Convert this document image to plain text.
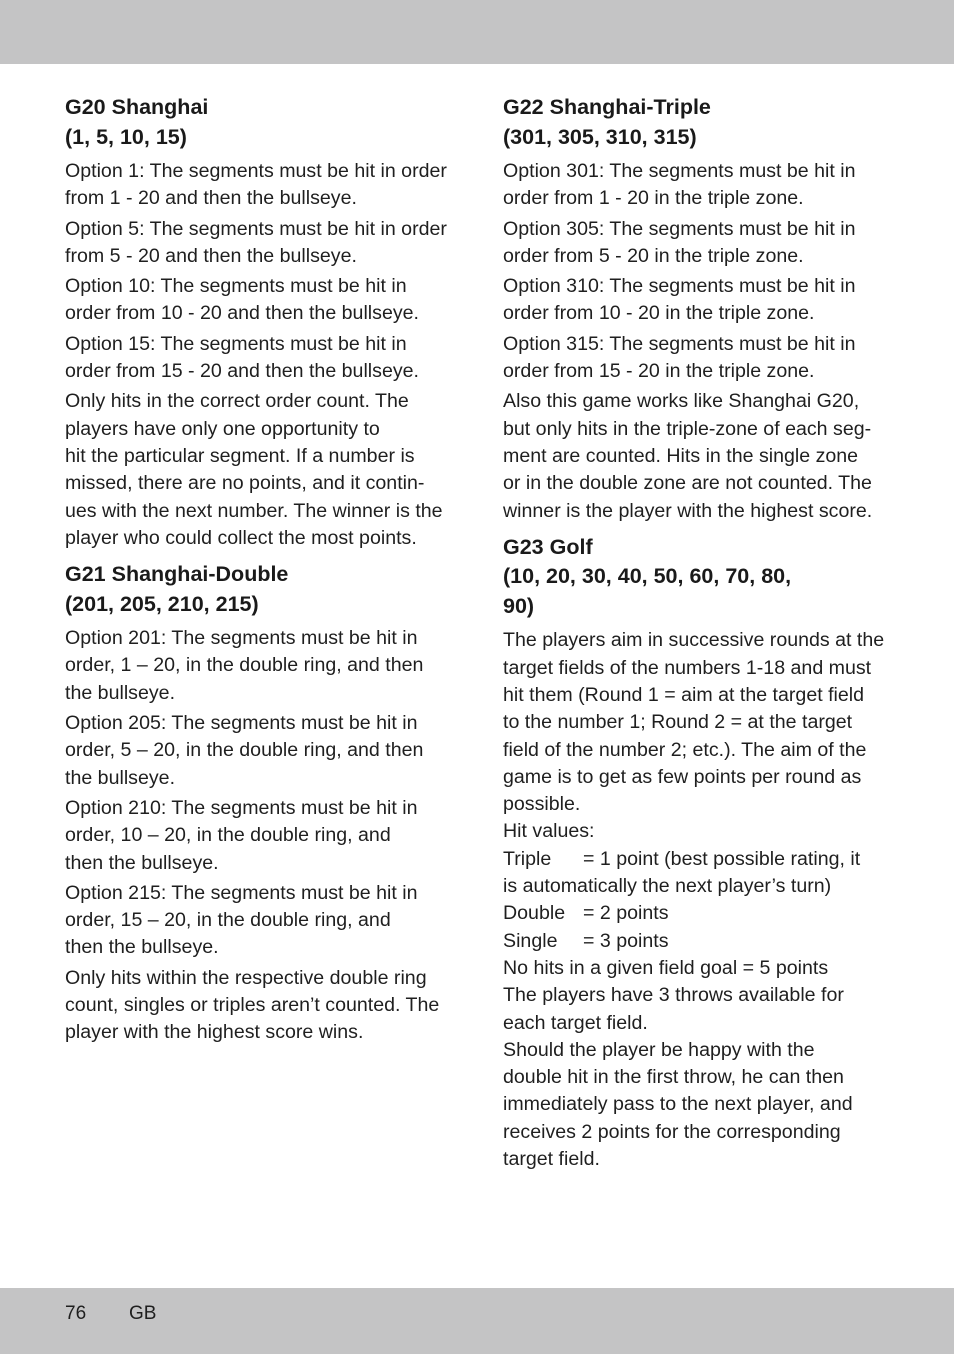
G20 Shanghai
(1, 5, 10, 15)

Option 1: The segments must be hit in order
from 1 - 20 and then the bullseye.

Option 5: The segments must be hit in order
from 5 - 20 and then the bullseye.

Option 10: The segments must be hit in
order from 10 - 20 and then the bullseye.

Option 15: The segments must be hit in
order from 15 - 20 and then the bullseye.

Only hits in the correct order count. The
players have only one opportunity to
hit the particular segment. If a number is
missed, there are no points, and it contin-
ues with the next number. The winner is the
player who could collect the most points.

G21 Shanghai-Double
(201, 205, 210, 215)

Option 201: The segments must be hit in
order, 1 – 20, in the double ring, and then
the bullseye.

Option 205: The segments must be hit in
order, 5 – 20, in the double ring, and then
the bullseye.

Option 210: The segments must be hit in
order, 10 – 20, in the double ring, and
then the bullseye.

Option 215: The segments must be hit in
order, 15 – 20, in the double ring, and
then the bullseye.

Only hits within the respective double ring
count, singles or triples aren’t counted. The
player with the highest score wins.

G22 Shanghai-Triple
(301, 305, 310, 315)

Option 301: The segments must be hit in
order from 1 - 20 in the triple zone.

Option 305: The segments must be hit in
order from 5 - 20 in the triple zone.

Option 310: The segments must be hit in
order from 10 - 20 in the triple zone.

Option 315: The segments must be hit in
order from 15 - 20 in the triple zone.

Also this game works like Shanghai G20,
but only hits in the triple-zone of each seg-
ment are counted. Hits in the single zone
or in the double zone are not counted. The
winner is the player with the highest score.

G23 Golf
(10, 20, 30, 40, 50, 60, 70, 80,
90)

The players aim in successive rounds at the
target fields of the numbers 1-18 and must
hit them (Round 1 = aim at the target field
to the number 1; Round 2 = at the target
field of the number 2; etc.). The aim of the
game is to get as few points per round as
possible.

Hit values:
Triple = 1 point (best possible rating, it
is automatically the next player’s turn)
Double = 2 points
Single = 3 points
No hits in a given field goal = 5 points

The players have 3 throws available for
each target field.

Should the player be happy with the
double hit in the first throw, he can then
immediately pass to the next player, and
receives 2 points for the corresponding
target field.

76 GB
